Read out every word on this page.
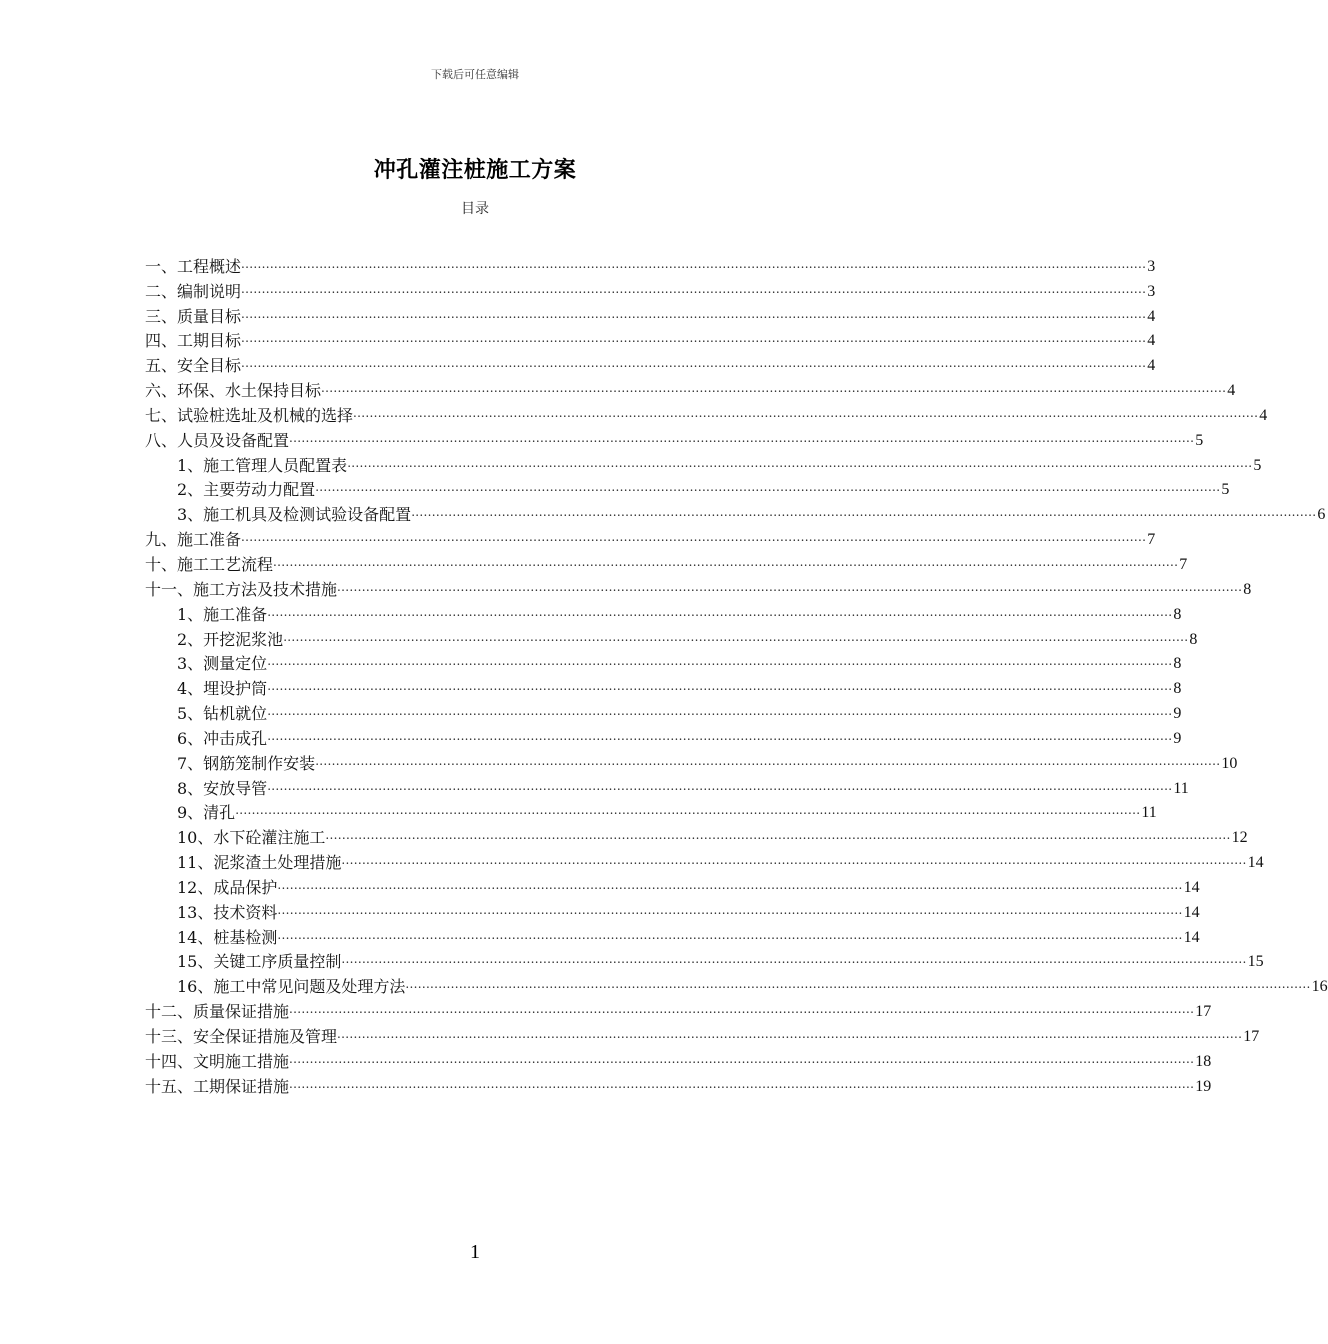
下载后可任意编辑
冲孔灌注桩施工方案
目录
一、工程概述 ............................................................................................................................................................................................................................ 3
二、编制说明 ............................................................................................................................................................................................................................ 3
三、质量目标 ............................................................................................................................................................................................................................ 4
四、工期目标 ............................................................................................................................................................................................................................ 4
五、安全目标 ............................................................................................................................................................................................................................ 4
六、环保、水土保持目标 ............................................................................................................................................................................................................................ 4
七、试验桩选址及机械的选择 ............................................................................................................................................................................................................................ 4
八、人员及设备配置 ............................................................................................................................................................................................................................ 5
1、施工管理人员配置表 ............................................................................................................................................................................................................................ 5
2、主要劳动力配置 ............................................................................................................................................................................................................................ 5
3、施工机具及检测试验设备配置 ............................................................................................................................................................................................................................ 6
九、施工准备 ............................................................................................................................................................................................................................ 7
十、施工工艺流程 ............................................................................................................................................................................................................................ 7
十一、施工方法及技术措施 ............................................................................................................................................................................................................................ 8
1、施工准备 ............................................................................................................................................................................................................................ 8
2、开挖泥浆池 ............................................................................................................................................................................................................................ 8
3、测量定位 ............................................................................................................................................................................................................................ 8
4、埋设护筒 ............................................................................................................................................................................................................................ 8
5、钻机就位 ............................................................................................................................................................................................................................ 9
6、冲击成孔 ............................................................................................................................................................................................................................ 9
7、钢筋笼制作安装 ............................................................................................................................................................................................................................ 10
8、安放导管 ............................................................................................................................................................................................................................ 11
9、清孔 ............................................................................................................................................................................................................................ 11
10、水下砼灌注施工 ............................................................................................................................................................................................................................ 12
11、泥浆渣土处理措施 ............................................................................................................................................................................................................................ 14
12、成品保护 ............................................................................................................................................................................................................................ 14
13、技术资料 ............................................................................................................................................................................................................................ 14
14、桩基检测 ............................................................................................................................................................................................................................ 14
15、关键工序质量控制 ............................................................................................................................................................................................................................ 15
16、施工中常见问题及处理方法 ............................................................................................................................................................................................................................ 16
十二、质量保证措施 ............................................................................................................................................................................................................................ 17
十三、安全保证措施及管理 ............................................................................................................................................................................................................................ 17
十四、文明施工措施 ............................................................................................................................................................................................................................ 18
十五、工期保证措施 ............................................................................................................................................................................................................................ 19
1
